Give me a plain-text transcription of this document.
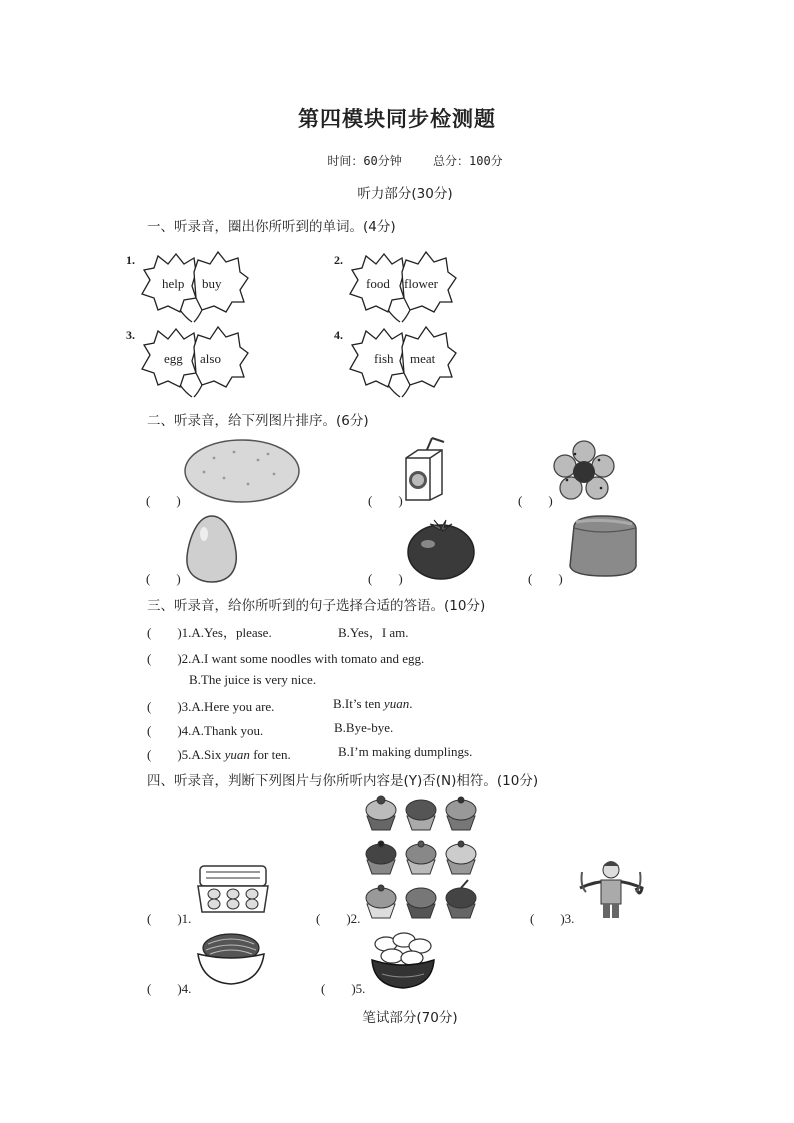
第四模块同步检测题
时间：60分钟	总分：100分
听力部分(30分)
一、听录音，圈出你所听到的单词。(4分)
1.	2.
3.	4.
help buy	food flower
egg also	fish meat
二、听录音，给下列图片排序。(6分)
(　　)	(　　)	(　　)
(　　)	(　　)	(　　)
三、听录音，给你所听到的句子选择合适的答语。(10分)
(　　)1.A.Yes，please.	B.Yes，I am.
(　　)2.A.I want some noodles with tomato and egg.
B.The juice is very nice.
(　　)3.A.Here you are.	B.It’s ten yuan.
(　　)4.A.Thank you.	B.Bye-bye.
(　　)5.A.Six yuan for ten.	B.I’m making dumplings.
四、听录音，判断下列图片与你所听内容是(Y)否(N)相符。(10分)
(　　)1.	(　　)2.	(　　)3.
(　　)4.	(　　)5.
笔试部分(70分)
